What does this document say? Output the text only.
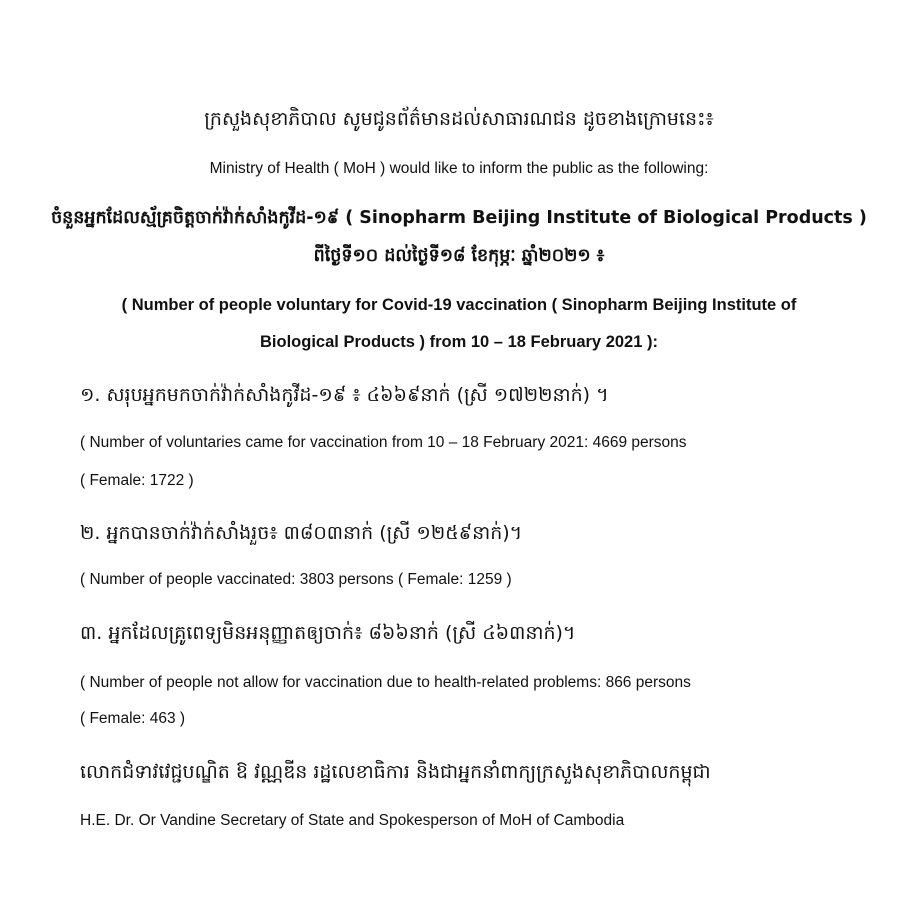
ក្រសួងសុខាភិបាល សូមជូនព័ត៌មានដល់សាធារណជន ដូចខាងក្រោមនេះ៖
Ministry of Health ( MoH ) would like to inform the public as the following:
ចំនួនអ្នកដែលស្ម័គ្រចិត្តចាក់វ៉ាក់សាំងកូវីដ-១៩ ( Sinopharm Beijing Institute of Biological Products )
ពីថ្ងៃទី១០ ដល់ថ្ងៃទី១៨ ខែកុម្ភៈ ឆ្នាំ២០២១ ៖
( Number of people voluntary for Covid-19 vaccination ( Sinopharm Beijing Institute of
Biological Products ) from 10 – 18 February 2021 ):
១. សរុបអ្នកមកចាក់វ៉ាក់សាំងកូវីដ-១៩ ៖ ៤៦៦៩នាក់ (ស្រី ១៧២២នាក់) ។
( Number of voluntaries came for vaccination from 10 – 18 February 2021: 4669 persons
( Female: 1722 )
២. អ្នកបានចាក់វ៉ាក់សាំងរួច៖ ៣៨០៣នាក់ (ស្រី ១២៥៩នាក់)។
( Number of people vaccinated: 3803 persons ( Female: 1259 )
៣. អ្នកដែលគ្រូពេទ្យមិនអនុញ្ញាតឲ្យចាក់៖ ៨៦៦នាក់ (ស្រី ៤៦៣នាក់)។
( Number of people not allow for vaccination due to health-related problems: 866 persons
( Female: 463 )
លោកជំទាវវេជ្ជបណ្ឌិត ឱ វណ្ណឌីន រដ្ឋលេខាធិការ និងជាអ្នកនាំពាក្យក្រសួងសុខាភិបាលកម្ពុជា
H.E. Dr. Or Vandine Secretary of State and Spokesperson of MoH of Cambodia
